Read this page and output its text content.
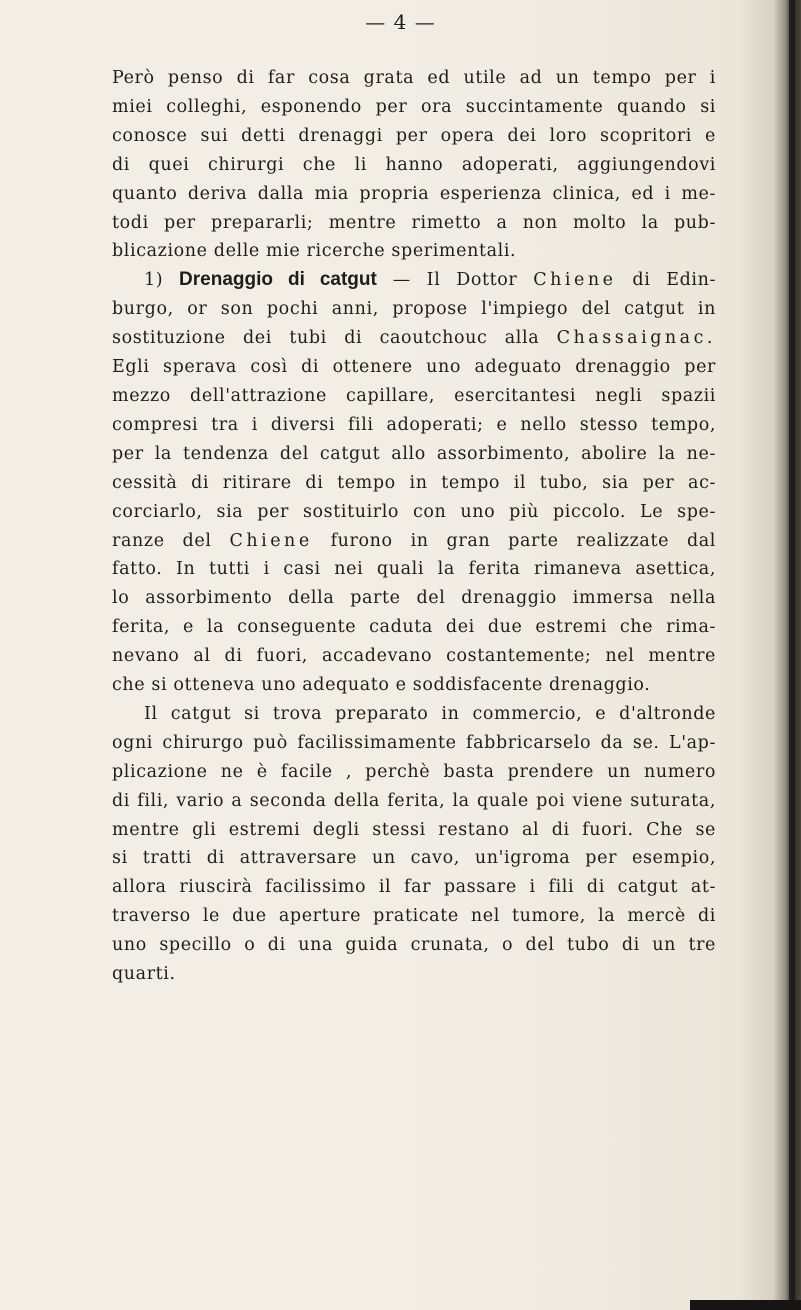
— 4 —
Però penso di far cosa grata ed utile ad un tempo per i
miei colleghi, esponendo per ora succintamente quando si
conosce sui detti drenaggi per opera dei loro scopritori e
di quei chirurgi che li hanno adoperati, aggiungendovi
quanto deriva dalla mia propria esperienza clinica, ed i me-
todi per prepararli; mentre rimetto a non molto la pub-
blicazione delle mie ricerche sperimentali.
1) Drenaggio di catgut — Il Dottor Chiene di Edin-
burgo, or son pochi anni, propose l'impiego del catgut in
sostituzione dei tubi di caoutchouc alla Chassaignac.
Egli sperava così di ottenere uno adeguato drenaggio per
mezzo dell'attrazione capillare, esercitantesi negli spazii
compresi tra i diversi fili adoperati; e nello stesso tempo,
per la tendenza del catgut allo assorbimento, abolire la ne-
cessità di ritirare di tempo in tempo il tubo, sia per ac-
corciarlo, sia per sostituirlo con uno più piccolo. Le spe-
ranze del Chiene furono in gran parte realizzate dal
fatto. In tutti i casi nei quali la ferita rimaneva asettica,
lo assorbimento della parte del drenaggio immersa nella
ferita, e la conseguente caduta dei due estremi che rima-
nevano al di fuori, accadevano costantemente; nel mentre
che si otteneva uno adequato e soddisfacente drenaggio.
Il catgut si trova preparato in commercio, e d'altronde
ogni chirurgo può facilissimamente fabbricarselo da se. L'ap-
plicazione ne è facile , perchè basta prendere un numero
di fili, vario a seconda della ferita, la quale poi viene suturata,
mentre gli estremi degli stessi restano al di fuori. Che se
si tratti di attraversare un cavo, un'igroma per esempio,
allora riuscirà facilissimo il far passare i fili di catgut at-
traverso le due aperture praticate nel tumore, la mercè di
uno specillo o di una guida crunata, o del tubo di un tre
quarti.
